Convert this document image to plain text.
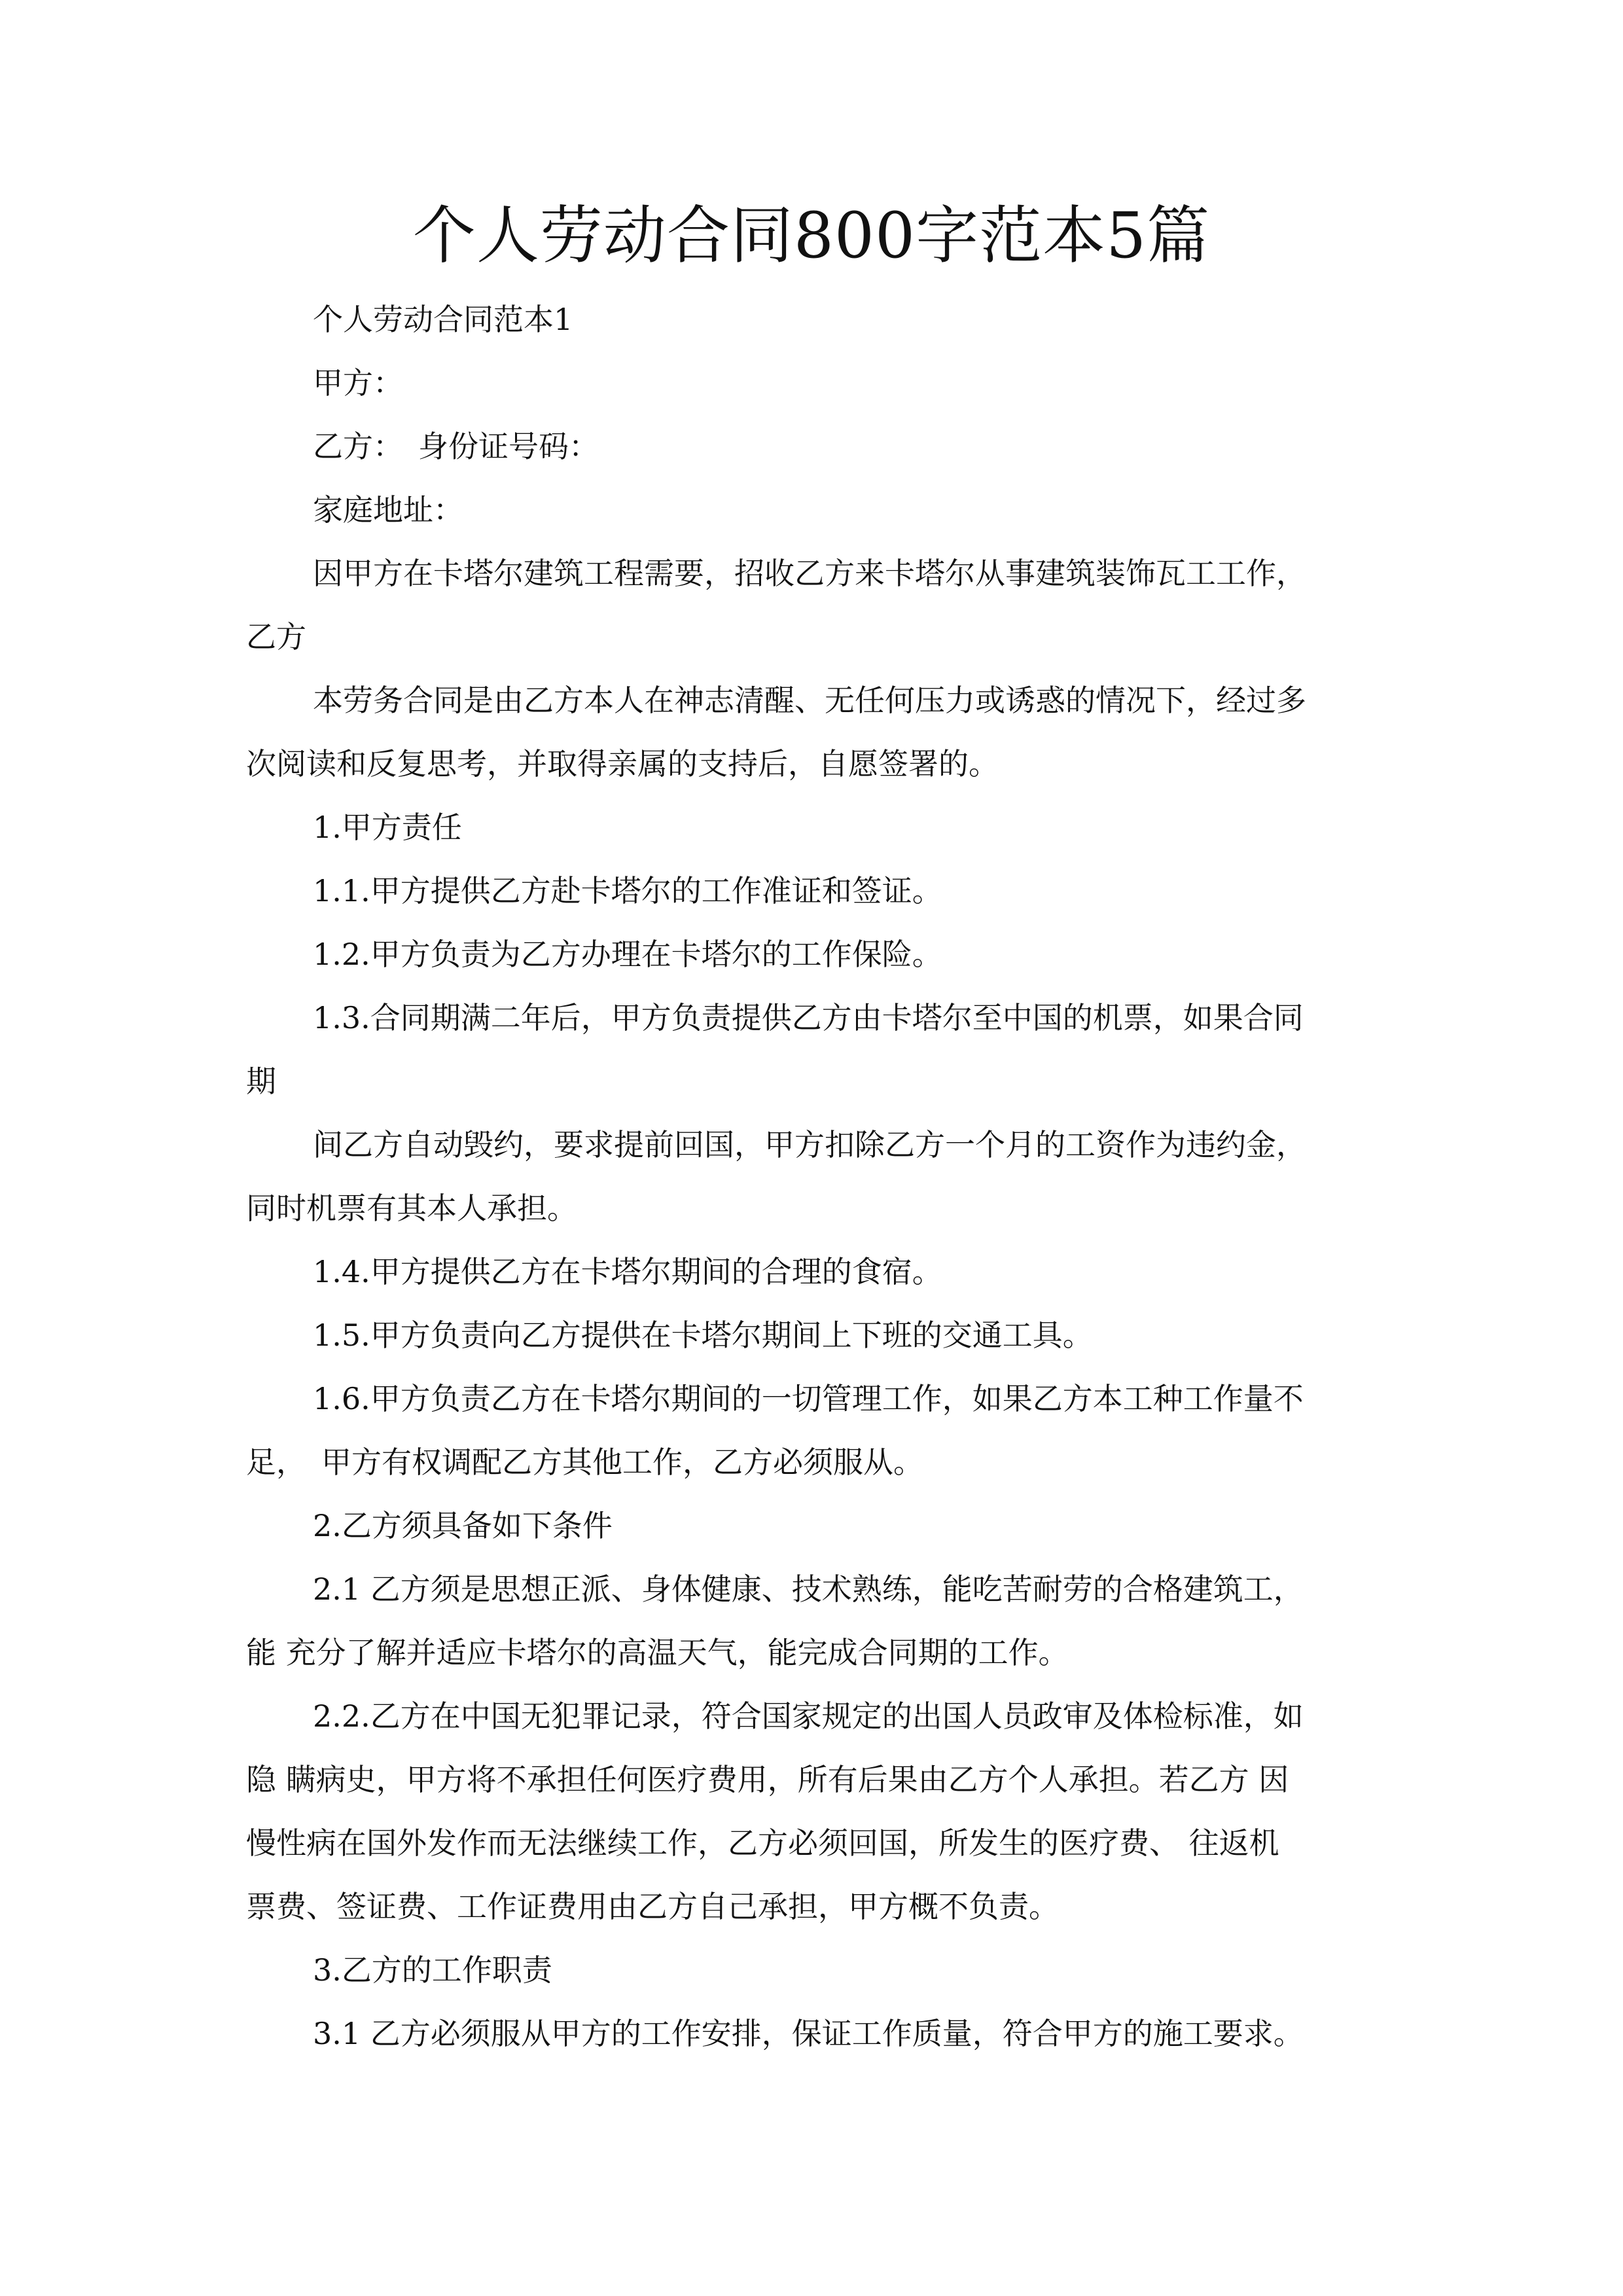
个人劳动合同800字范本5篇
个人劳动合同范本1
甲方：
乙方：　身份证号码：
家庭地址：
因甲方在卡塔尔建筑工程需要，招收乙方来卡塔尔从事建筑装饰瓦工工作，
乙方
本劳务合同是由乙方本人在神志清醒、无任何压力或诱惑的情况下，经过多
次阅读和反复思考，并取得亲属的支持后，自愿签署的。
1.甲方责任
1.1.甲方提供乙方赴卡塔尔的工作准证和签证。
1.2.甲方负责为乙方办理在卡塔尔的工作保险。
1.3.合同期满二年后，甲方负责提供乙方由卡塔尔至中国的机票，如果合同
期
间乙方自动毁约，要求提前回国，甲方扣除乙方一个月的工资作为违约金，
同时机票有其本人承担。
1.4.甲方提供乙方在卡塔尔期间的合理的食宿。
1.5.甲方负责向乙方提供在卡塔尔期间上下班的交通工具。
1.6.甲方负责乙方在卡塔尔期间的一切管理工作，如果乙方本工种工作量不
足，　甲方有权调配乙方其他工作，乙方必须服从。
2.乙方须具备如下条件
2.1 乙方须是思想正派、身体健康、技术熟练，能吃苦耐劳的合格建筑工，
能 充分了解并适应卡塔尔的高温天气，能完成合同期的工作。
2.2.乙方在中国无犯罪记录，符合国家规定的出国人员政审及体检标准，如
隐 瞒病史，甲方将不承担任何医疗费用，所有后果由乙方个人承担。若乙方 因
慢性病在国外发作而无法继续工作，乙方必须回国，所发生的医疗费、 往返机
票费、签证费、工作证费用由乙方自己承担，甲方概不负责。
3.乙方的工作职责
3.1 乙方必须服从甲方的工作安排，保证工作质量，符合甲方的施工要求。
